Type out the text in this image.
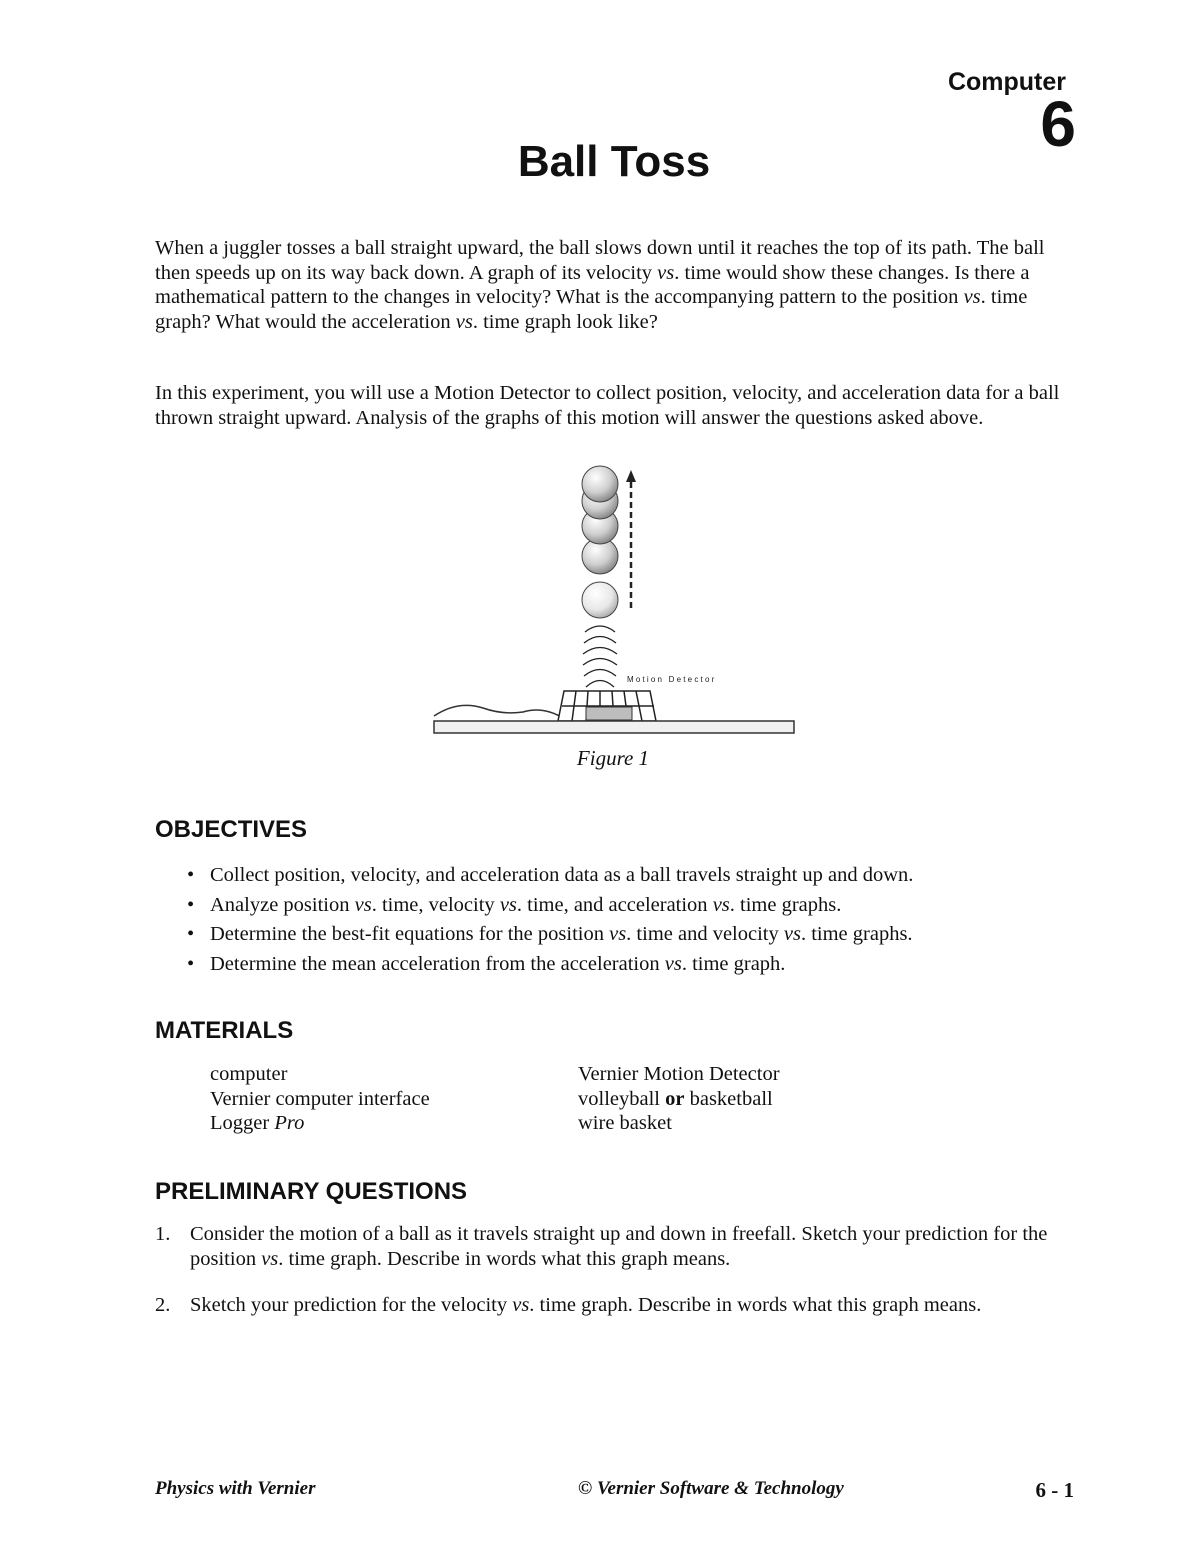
Computer
6
Ball Toss
When a juggler tosses a ball straight upward, the ball slows down until it reaches the top of its path. The ball then speeds up on its way back down. A graph of its velocity vs. time would show these changes. Is there a mathematical pattern to the changes in velocity? What is the accompanying pattern to the position vs. time graph? What would the acceleration vs. time graph look like?
In this experiment, you will use a Motion Detector to collect position, velocity, and acceleration data for a ball thrown straight upward. Analysis of the graphs of this motion will answer the questions asked above.
Motion Detector
Figure 1
OBJECTIVES
• Collect position, velocity, and acceleration data as a ball travels straight up and down.
• Analyze position vs. time, velocity vs. time, and acceleration vs. time graphs.
• Determine the best-fit equations for the position vs. time and velocity vs. time graphs.
• Determine the mean acceleration from the acceleration vs. time graph.
MATERIALS
computer
Vernier computer interface
Logger Pro
Vernier Motion Detector
volleyball or basketball
wire basket
PRELIMINARY QUESTIONS
1. Consider the motion of a ball as it travels straight up and down in freefall. Sketch your prediction for the position vs. time graph. Describe in words what this graph means.
2. Sketch your prediction for the velocity vs. time graph. Describe in words what this graph means.
Physics with Vernier	© Vernier Software & Technology	6 - 1
